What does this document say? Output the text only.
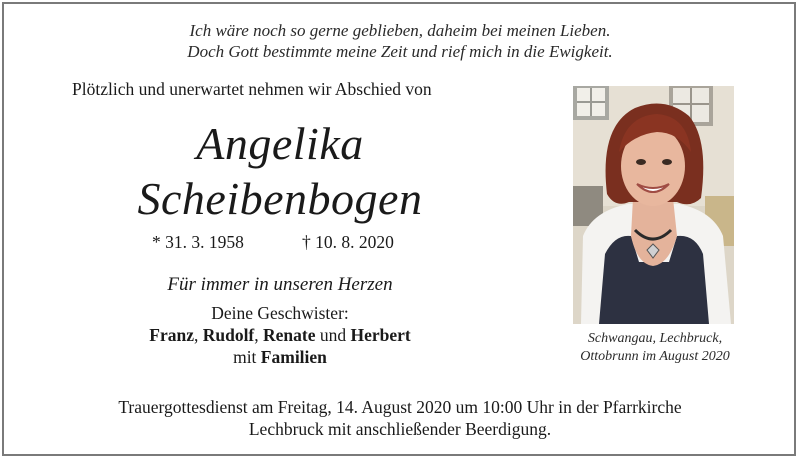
Ich wäre noch so gerne geblieben, daheim bei meinen Lieben.
Doch Gott bestimmte meine Zeit und rief mich in die Ewigkeit.
Plötzlich und unerwartet nehmen wir Abschied von
Angelika
Scheibenbogen
* 31. 3. 1958	† 10. 8. 2020
Für immer in unseren Herzen
Deine Geschwister:
Franz, Rudolf, Renate und Herbert
mit Familien
Schwangau, Lechbruck,
Ottobrunn im August 2020
Trauergottesdienst am Freitag, 14. August 2020 um 10:00 Uhr in der Pfarrkirche
Lechbruck mit anschließender Beerdigung.
